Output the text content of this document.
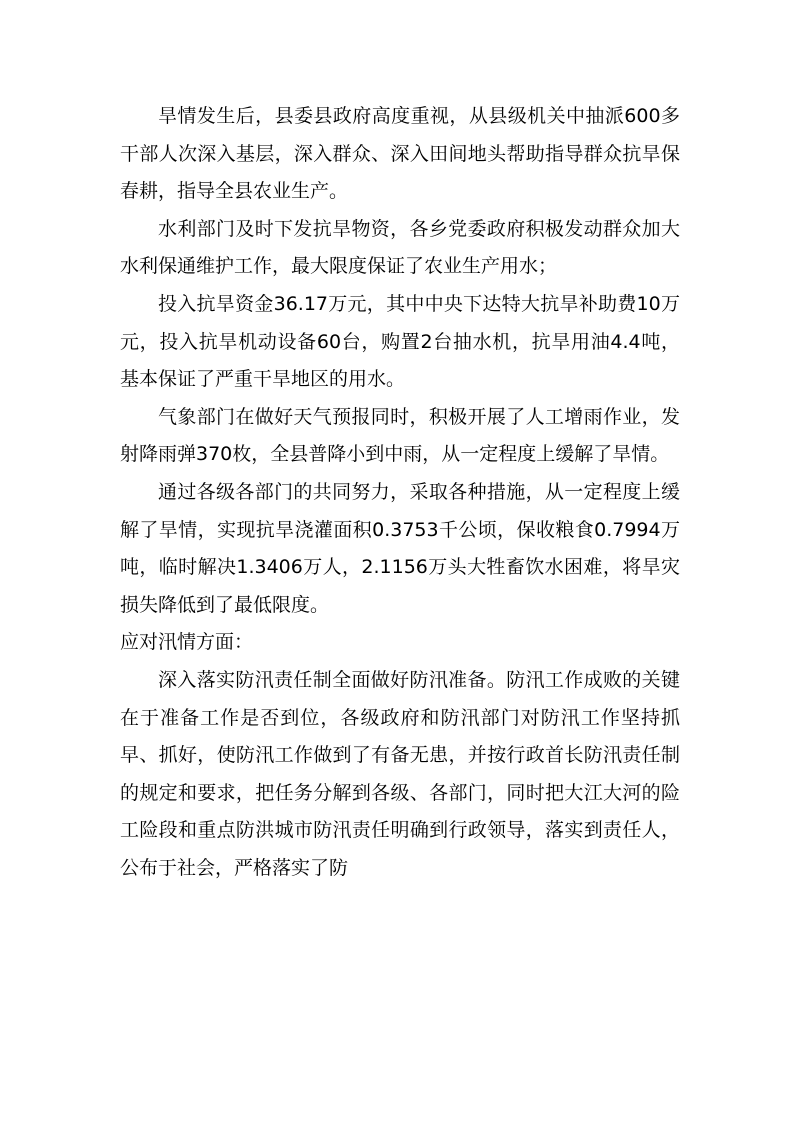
旱情发生后，县委县政府高度重视，从县级机关中抽派600多干部人次深入基层，深入群众、深入田间地头帮助指导群众抗旱保春耕，指导全县农业生产。

水利部门及时下发抗旱物资，各乡党委政府积极发动群众加大水利保通维护工作，最大限度保证了农业生产用水；

投入抗旱资金36.17万元，其中中央下达特大抗旱补助费10万元，投入抗旱机动设备60台，购置2台抽水机，抗旱用油4.4吨，基本保证了严重干旱地区的用水。

气象部门在做好天气预报同时，积极开展了人工增雨作业，发射降雨弹370枚，全县普降小到中雨，从一定程度上缓解了旱情。

通过各级各部门的共同努力，采取各种措施，从一定程度上缓解了旱情，实现抗旱浇灌面积0.3753千公顷，保收粮食0.7994万吨，临时解决1.3406万人，2.1156万头大牲畜饮水困难，将旱灾损失降低到了最低限度。

应对汛情方面：

深入落实防汛责任制全面做好防汛准备。防汛工作成败的关键在于准备工作是否到位，各级政府和防汛部门对防汛工作坚持抓早、抓好，使防汛工作做到了有备无患，并按行政首长防汛责任制的规定和要求，把任务分解到各级、各部门，同时把大江大河的险工险段和重点防洪城市防汛责任明确到行政领导，落实到责任人，公布于社会，严格落实了防
